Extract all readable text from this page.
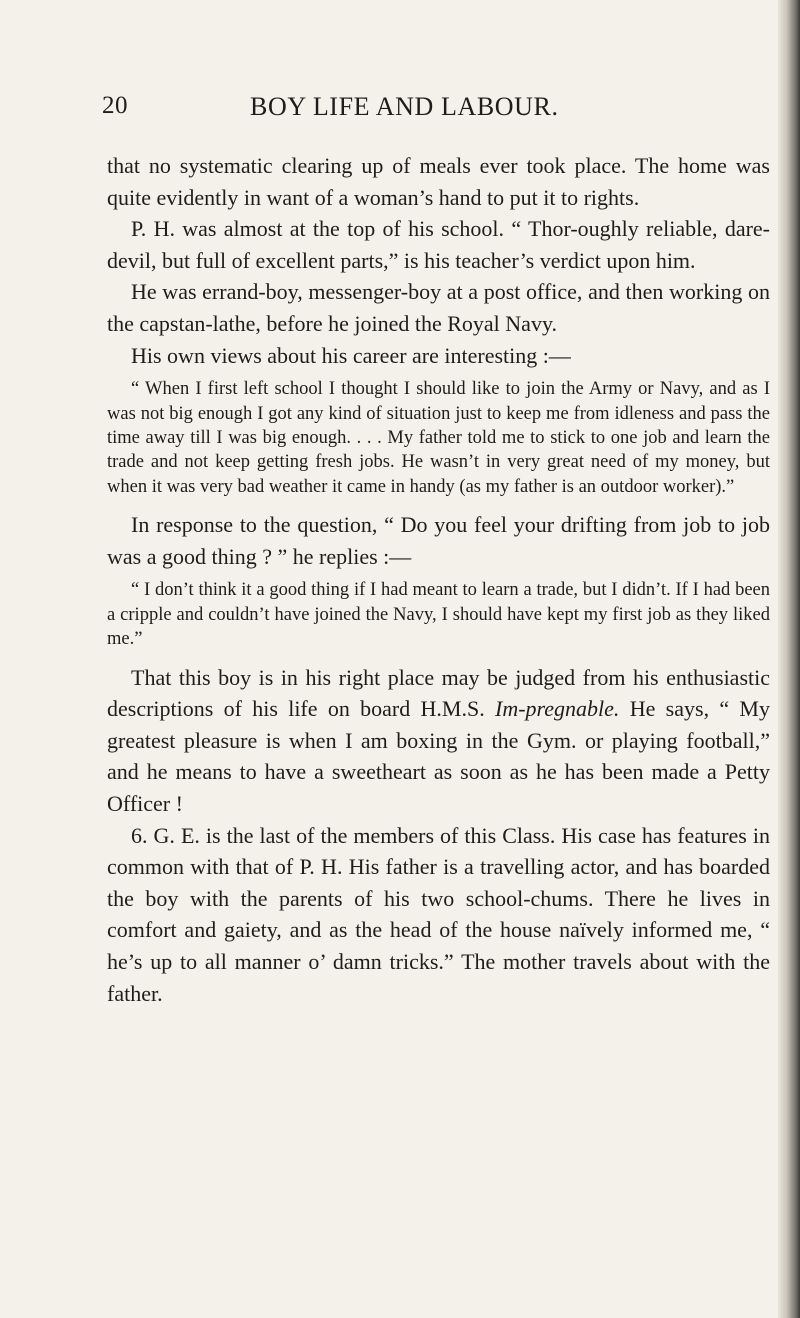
20	BOY LIFE AND LABOUR.

that no systematic clearing up of meals ever took place. The home was quite evidently in want of a woman’s hand to put it to rights.

P. H. was almost at the top of his school. “ Thor-oughly reliable, dare-devil, but full of excellent parts,” is his teacher’s verdict upon him.

He was errand-boy, messenger-boy at a post office, and then working on the capstan-lathe, before he joined the Royal Navy.

His own views about his career are interesting :—

“ When I first left school I thought I should like to join the Army or Navy, and as I was not big enough I got any kind of situation just to keep me from idleness and pass the time away till I was big enough. . . . My father told me to stick to one job and learn the trade and not keep getting fresh jobs. He wasn’t in very great need of my money, but when it was very bad weather it came in handy (as my father is an outdoor worker).”

In response to the question, “ Do you feel your drifting from job to job was a good thing ? ” he replies :—

“ I don’t think it a good thing if I had meant to learn a trade, but I didn’t. If I had been a cripple and couldn’t have joined the Navy, I should have kept my first job as they liked me.”

That this boy is in his right place may be judged from his enthusiastic descriptions of his life on board H.M.S. Im-pregnable. He says, “ My greatest pleasure is when I am boxing in the Gym. or playing football,” and he means to have a sweetheart as soon as he has been made a Petty Officer !

6. G. E. is the last of the members of this Class. His case has features in common with that of P. H. His father is a travelling actor, and has boarded the boy with the parents of his two school-chums. There he lives in comfort and gaiety, and as the head of the house naïvely informed me, “ he’s up to all manner o’ damn tricks.” The mother travels about with the father.
